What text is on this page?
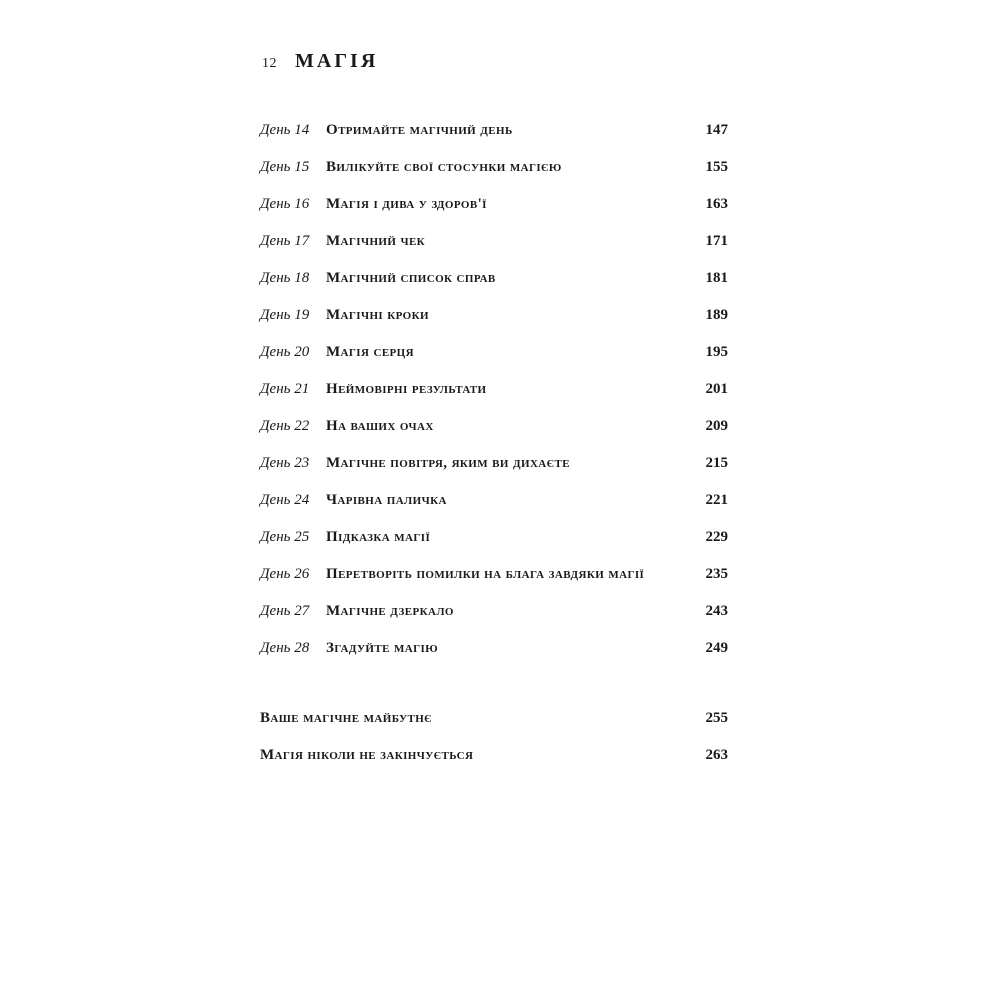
12 МАГІЯ
День 14	Отримайте магічний день	147
День 15	Вилікуйте свої стосунки магією	155
День 16	Магія і дива у здоров'ї	163
День 17	Магічний чек	171
День 18	Магічний список справ	181
День 19	Магічні кроки	189
День 20	Магія серця	195
День 21	Неймовірні результати	201
День 22	На ваших очах	209
День 23	Магічне повітря, яким ви дихаєте	215
День 24	Чарівна паличка	221
День 25	Підказка магії	229
День 26	Перетворіть помилки на блага завдяки магії	235
День 27	Магічне дзеркало	243
День 28	Згадуйте магію	249
Ваше магічне майбутнє	255
Магія ніколи не закінчується	263
